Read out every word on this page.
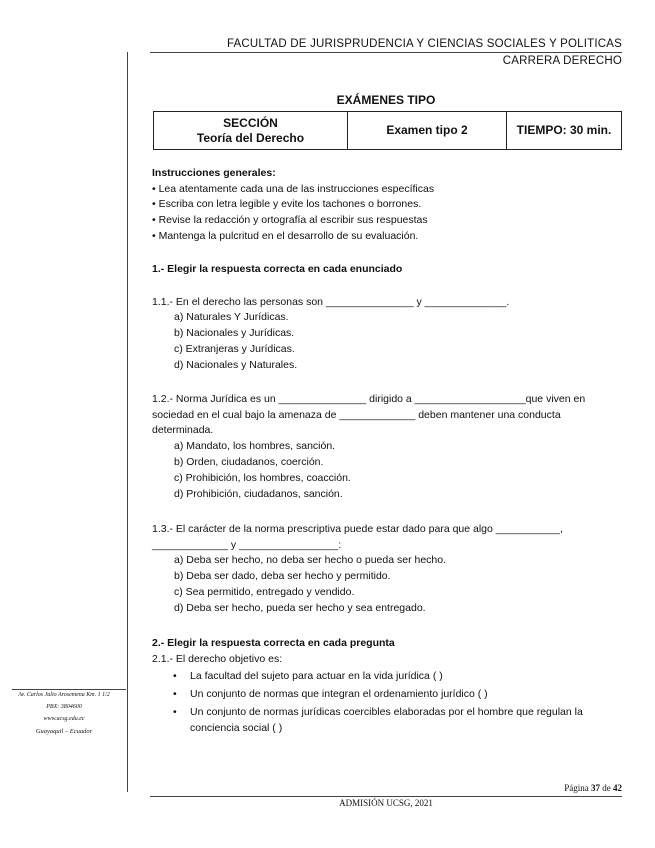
FACULTAD DE JURISPRUDENCIA Y CIENCIAS SOCIALES Y POLITICAS
CARRERA DERECHO
EXÁMENES TIPO
SECCIÓN
Teoría del Derecho
	Examen tipo 2	TIEMPO: 30 min.
Instrucciones generales:
• Lea atentamente cada una de las instrucciones específicas
• Escriba con letra legible y evite los tachones o borrones.
• Revise la redacción y ortografía al escribir sus respuestas
• Mantenga la pulcritud en el desarrollo de su evaluación.
1.- Elegir la respuesta correcta en cada enunciado
1.1.- En el derecho las personas son _______________ y ______________.
a) Naturales Y Jurídicas.
b) Nacionales y Jurídicas.
c) Extranjeras y Jurídicas.
d) Nacionales y Naturales.
1.2.- Norma Jurídica es un _______________ dirigido a ___________________que viven en sociedad en el cual bajo la amenaza de _____________ deben mantener una conducta determinada.
a) Mandato, los hombres, sanción.
b) Orden, ciudadanos, coerción.
c) Prohibición, los hombres, coacción.
d) Prohibición, ciudadanos, sanción.
1.3.- El carácter de la norma prescriptiva puede estar dado para que algo ___________, _____________ y _________________:
a) Deba ser hecho, no deba ser hecho o pueda ser hecho.
b) Deba ser dado, deba ser hecho y permitido.
c) Sea permitido, entregado y vendido.
d) Deba ser hecho, pueda ser hecho y sea entregado.
2.- Elegir la respuesta correcta en cada pregunta
2.1.- El derecho objetivo es:
• La facultad del sujeto para actuar en la vida jurídica ( )
• Un conjunto de normas que integran el ordenamiento jurídico ( )
• Un conjunto de normas jurídicas coercibles elaboradas por el hombre que regulan la conciencia social ( )
Av. Carlos Julio Arosemena Km. 1 1/2
PBX: 3804600
www.ucsg.edu.ec
Guayaquil – Ecuador
Página 37 de 42
ADMISIÓN UCSG, 2021
